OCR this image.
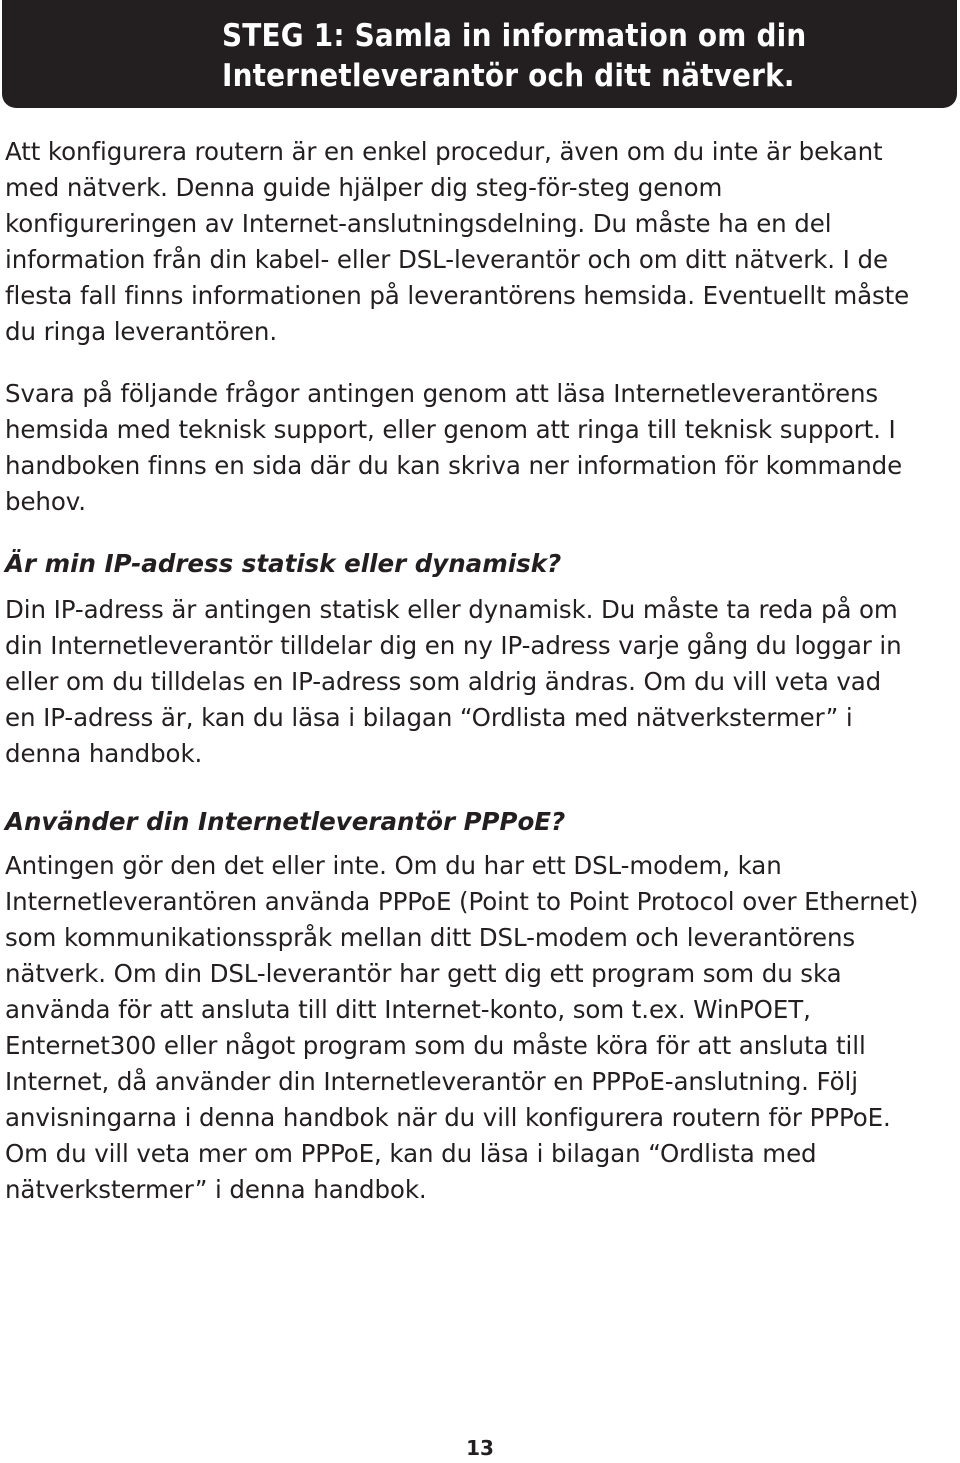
STEG 1: Samla in information om din
Internetleverantör och ditt nätverk.

Att konfigurera routern är en enkel procedur, även om du inte är bekant
med nätverk. Denna guide hjälper dig steg-för-steg genom
konfigureringen av Internet-anslutningsdelning. Du måste ha en del
information från din kabel- eller DSL-leverantör och om ditt nätverk. I de
flesta fall finns informationen på leverantörens hemsida. Eventuellt måste
du ringa leverantören.

Svara på följande frågor antingen genom att läsa Internetleverantörens
hemsida med teknisk support, eller genom att ringa till teknisk support. I
handboken finns en sida där du kan skriva ner information för kommande
behov.

Är min IP-adress statisk eller dynamisk?

Din IP-adress är antingen statisk eller dynamisk. Du måste ta reda på om
din Internetleverantör tilldelar dig en ny IP-adress varje gång du loggar in
eller om du tilldelas en IP-adress som aldrig ändras. Om du vill veta vad
en IP-adress är, kan du läsa i bilagan “Ordlista med nätverkstermer” i
denna handbok.

Använder din Internetleverantör PPPoE?

Antingen gör den det eller inte. Om du har ett DSL-modem, kan
Internetleverantören använda PPPoE (Point to Point Protocol over Ethernet)
som kommunikationsspråk mellan ditt DSL-modem och leverantörens
nätverk. Om din DSL-leverantör har gett dig ett program som du ska
använda för att ansluta till ditt Internet-konto, som t.ex. WinPOET,
Enternet300 eller något program som du måste köra för att ansluta till
Internet, då använder din Internetleverantör en PPPoE-anslutning. Följ
anvisningarna i denna handbok när du vill konfigurera routern för PPPoE.
Om du vill veta mer om PPPoE, kan du läsa i bilagan “Ordlista med
nätverkstermer” i denna handbok.

13
